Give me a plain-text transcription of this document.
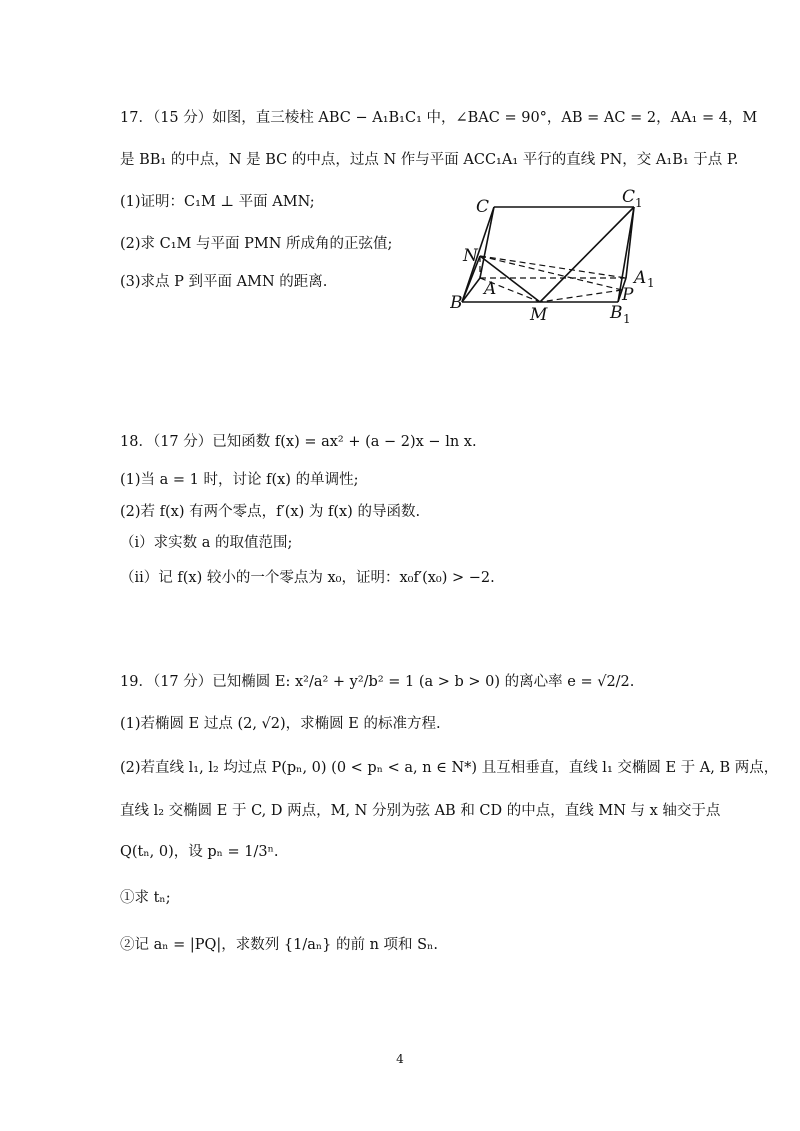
17．（15 分）如图，直三棱柱 ABC − A₁B₁C₁ 中，∠BAC = 90°，AB = AC = 2，AA₁ = 4，M
是 BB₁ 的中点，N 是 BC 的中点，过点 N 作与平面 ACC₁A₁ 平行的直线 PN，交 A₁B₁ 于点 P.
(1)证明：C₁M ⊥ 平面 AMN;
(2)求 C₁M 与平面 PMN 所成角的正弦值;
(3)求点 P 到平面 AMN 的距离.
C	C 1
N
A
A 1
P
B
M	B 1
18．（17 分）已知函数 f(x) = ax² + (a − 2)x − ln x.
(1)当 a = 1 时，讨论 f(x) 的单调性;
(2)若 f(x) 有两个零点，f′(x) 为 f(x) 的导函数.
（i）求实数 a 的取值范围;
（ii）记 f(x) 较小的一个零点为 x₀，证明：x₀f′(x₀) > −2.
19．（17 分）已知椭圆 E: x²/a² + y²/b² = 1 (a > b > 0) 的离心率 e = √2/2.
(1)若椭圆 E 过点 (2, √2)，求椭圆 E 的标准方程.
(2)若直线 l₁, l₂ 均过点 P(pₙ, 0) (0 < pₙ < a, n ∈ N*) 且互相垂直，直线 l₁ 交椭圆 E 于 A, B 两点，
直线 l₂ 交椭圆 E 于 C, D 两点，M, N 分别为弦 AB 和 CD 的中点，直线 MN 与 x 轴交于点
Q(tₙ, 0)，设 pₙ = 1/3ⁿ.
①求 tₙ;
②记 aₙ = |PQ|，求数列 {1/aₙ} 的前 n 项和 Sₙ.
4
